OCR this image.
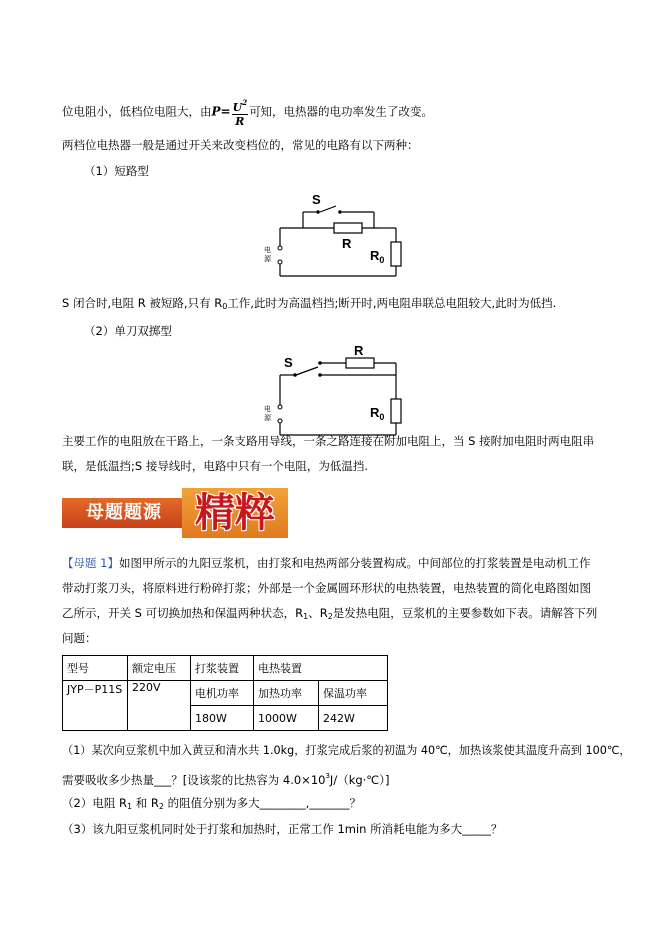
位电阻小，低档位电阻大，由$P= \frac{U^2}{R}$ 可知，电热器的电功率发生了改变。
两档位电热器一般是通过开关来改变档位的，常见的电路有以下两种：
（1）短路型
S
R
$R_0$
电
源
S 闭合时,电阻 R 被短路,只有 $R_0$工作,此时为高温档挡;断开时,两电阻串联总电阻较大,此时为低挡.
（2）单刀双掷型
S
R
$R_0$
电
源
主要工作的电阻放在干路上，一条支路用导线，一条之路连接在附加电阻上，当 S 接附加电阻时两电阻串
联，是低温挡;S 接导线时，电路中只有一个电阻，为低温挡.
母题题源 精粹
【母题 1】如图甲所示的九阳豆浆机，由打浆和电热两部分装置构成。中间部位的打浆装置是电动机工作
带动打浆刀头，将原料进行粉碎打浆；外部是一个金属圆环形状的电热装置，电热装置的简化电路图如图
乙所示，开关 S 可切换加热和保温两种状态，$R_1$、$R_2$是发热电阻，豆浆机的主要参数如下表。请解答下列
问题：
型号	额定电压	打浆装置	电热装置	
JYP－P11S	220V	电机功率	加热功率	保温功率
		180W	1000W	242W
（1）某次向豆浆机中加入黄豆和清水共 1.0kg，打浆完成后浆的初温为 40℃，加热该浆使其温度升高到 100℃，
需要吸收多少热量___？[设该浆的比热容为 $4.0\times 10^3J/(kg\cdot℃)$]
（2）电阻 $R_1$ 和 $R_2$ 的阻值分别为多大________,_______？
（3）该九阳豆浆机同时处于打浆和加热时，正常工作 1min 所消耗电能为多大_____？
